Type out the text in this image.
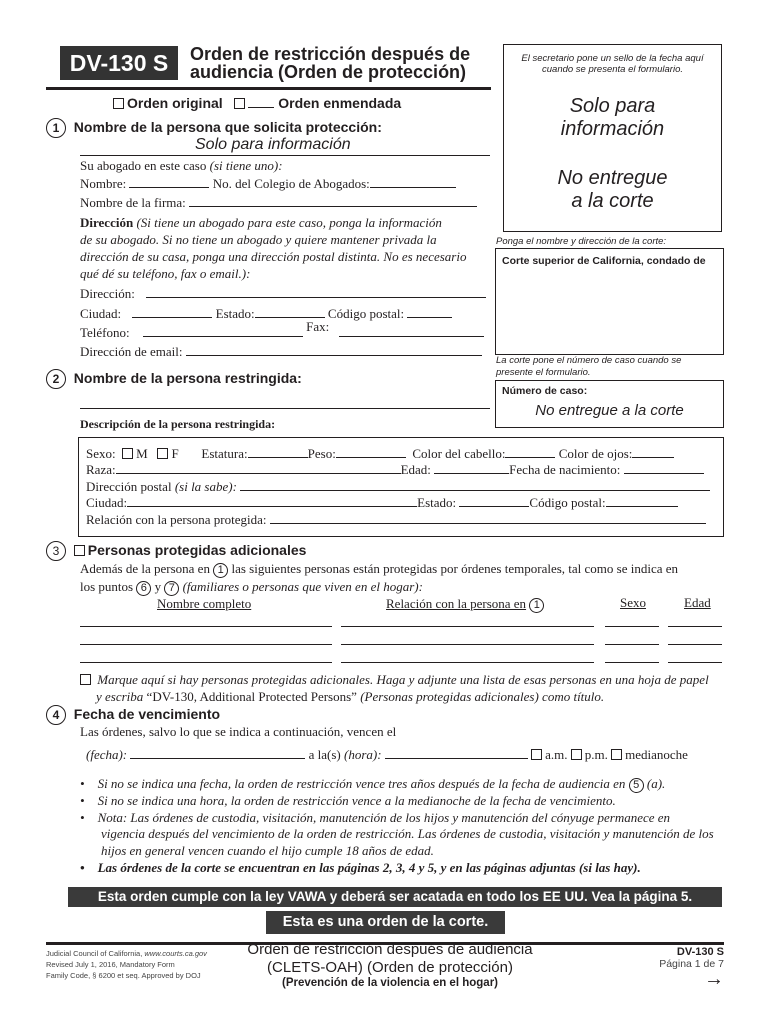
DV-130 S	Orden de restricción después de
audiencia (Orden de protección)
Orden original	Orden enmendada
El secretario pone un sello de la fecha aquí
cuando se presenta el formulario.
Solo para
información
No entregue
a la corte
Ponga el nombre y dirección de la corte:
Corte superior de California, condado de
La corte pone el número de caso cuando se
presente el formulario.
Número de caso:
No entregue a la corte
1 Nombre de la persona que solicita protección:
Solo para información
Su abogado en este caso (si tiene uno):
Nombre:	No. del Colegio de Abogados:
Nombre de la firma:
Dirección (Si tiene un abogado para este caso, ponga la información
de su abogado. Si no tiene un abogado y quiere mantener privada la
dirección de su casa, ponga una dirección postal distinta. No es necesario
qué dé su teléfono, fax o email.):
Dirección:
Ciudad:	Estado:	Código postal:
Teléfono:	Fax:
Dirección de email:
2 Nombre de la persona restringida:
Descripción de la persona restringida:
Sexo: M F Estatura:	Peso:	Color del cabello:	Color de ojos:
Raza:	Edad:	Fecha de nacimiento:
Dirección postal (si la sabe):
Ciudad:	Estado:	Código postal:
Relación con la persona protegida:
3 Personas protegidas adicionales
Además de la persona en 1 las siguientes personas están protegidas por órdenes temporales, tal como se indica en
los puntos 6 y 7 (familiares o personas que viven en el hogar):
Nombre completo	Relación con la persona en 1	Sexo	Edad
Marque aquí si hay personas protegidas adicionales. Haga y adjunte una lista de esas personas en una hoja de papel
y escriba “DV-130, Additional Protected Persons” (Personas protegidas adicionales) como título.
4 Fecha de vencimiento
Las órdenes, salvo lo que se indica a continuación, vencen el
(fecha):	a la(s) (hora):	a.m. p.m. medianoche
•    Si no se indica una fecha, la orden de restricción vence tres años después de la fecha de audiencia en 5 (a).
•    Si no se indica una hora, la orden de restricción vence a la medianoche de la fecha de vencimiento.
•    Nota: Las órdenes de custodia, visitación, manutención de los hijos y manutención del cónyuge permanece en
vigencia después del vencimiento de la orden de restricción. Las órdenes de custodia, visitación y manutención de los
hijos en general vencen cuando el hijo cumple 18 años de edad.
•    Las órdenes de la corte se encuentran en las páginas 2, 3, 4 y 5, y en las páginas adjuntas (si las hay).
Esta orden cumple con la ley VAWA y deberá ser acatada en todo los EE UU. Vea la página 5.
Esta es una orden de la corte.
Judicial Council of California, www.courts.ca.gov
Revised July 1, 2016, Mandatory Form
Family Code, § 6200 et seq. Approved by DOJ
Orden de restricción después de audiencia
(CLETS-OAH) (Orden de protección)
(Prevención de la violencia en el hogar)
DV-130 S
Página 1 de 7
→
